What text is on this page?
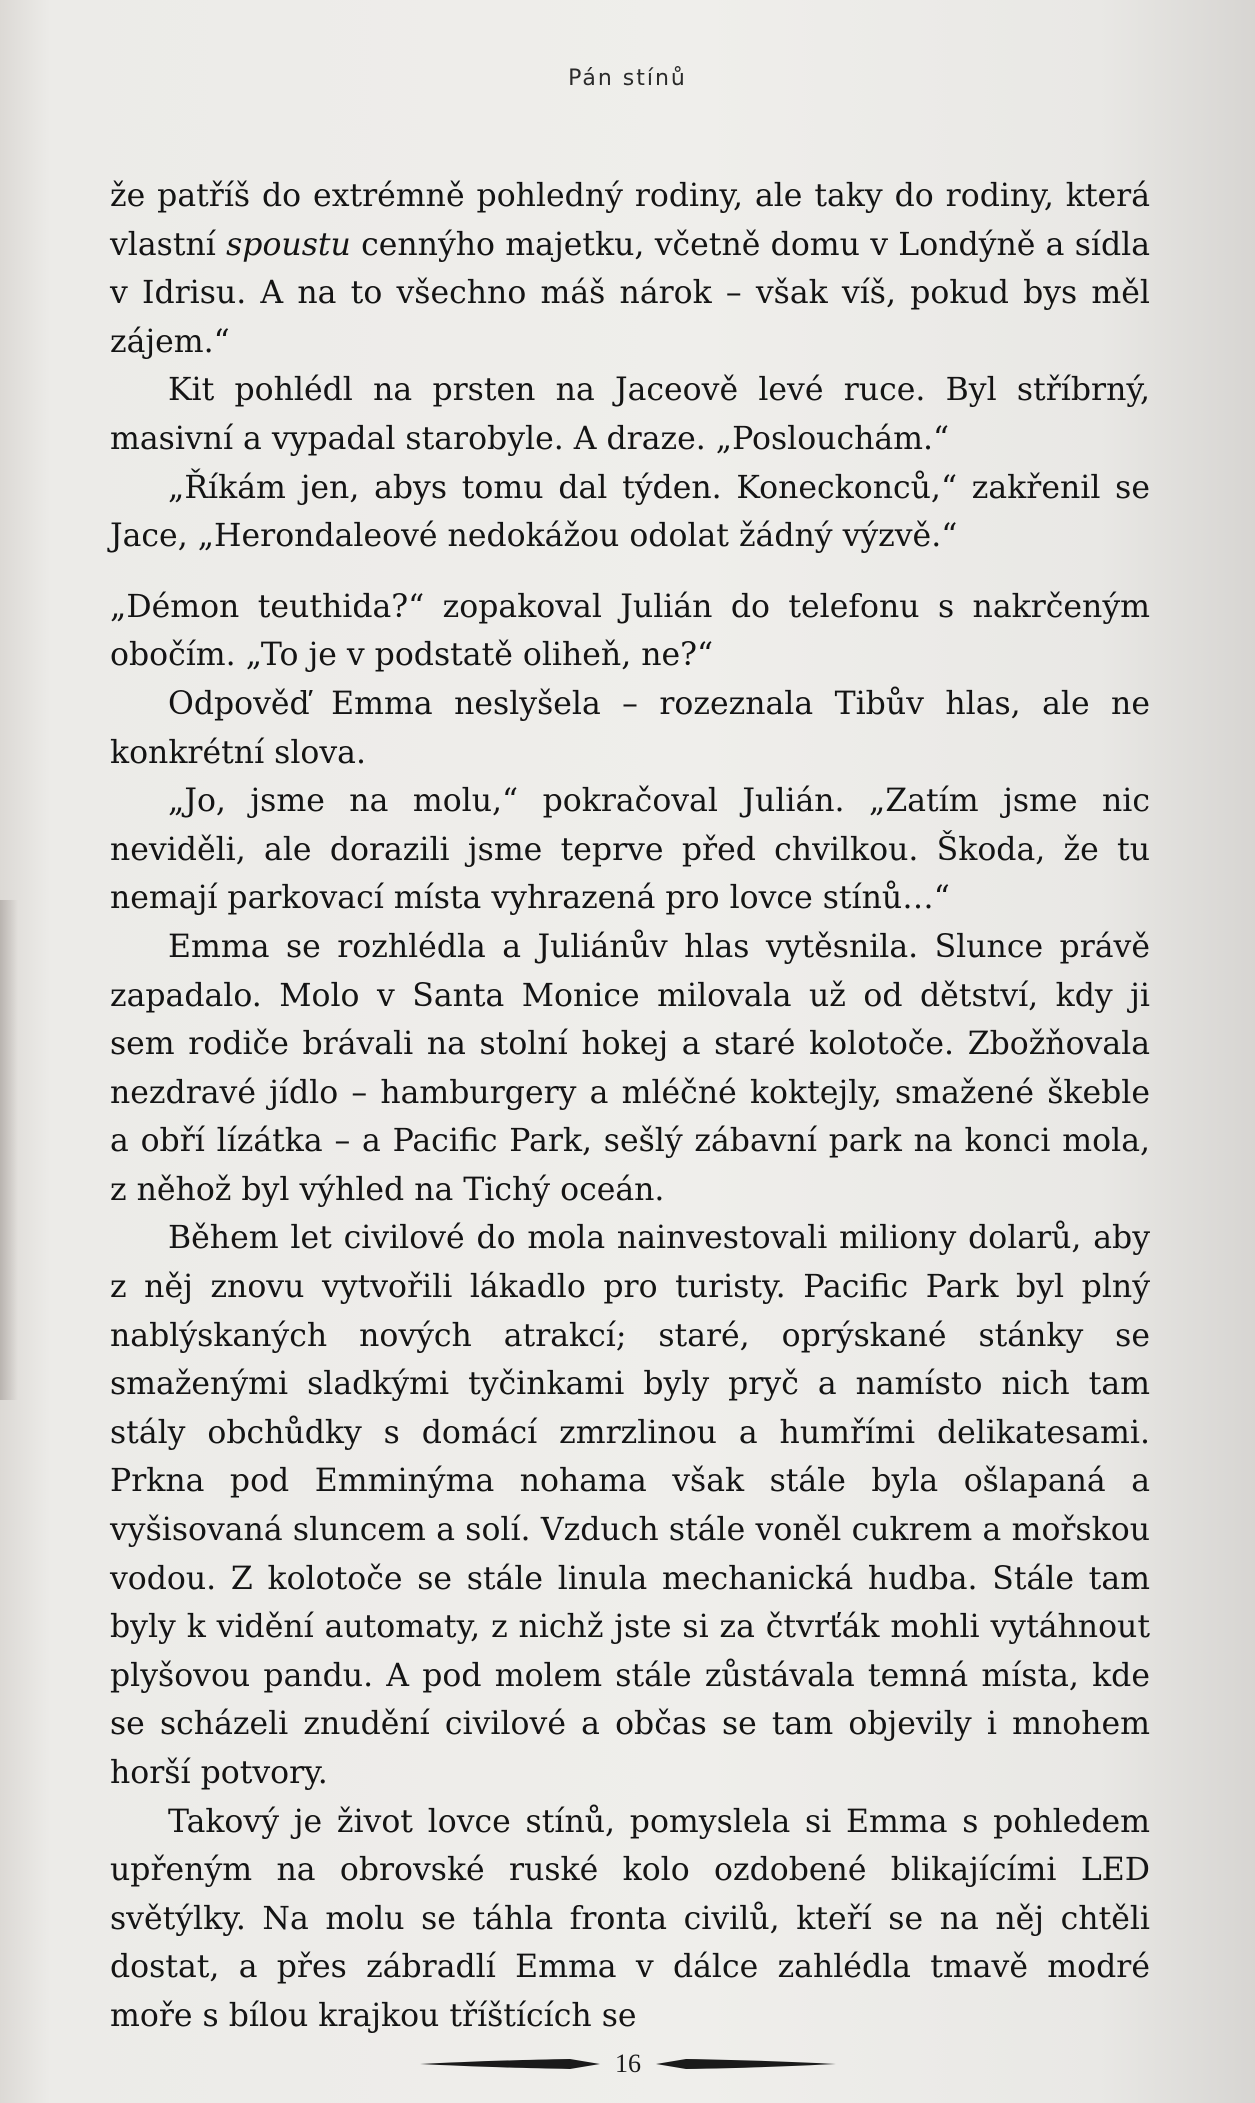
Pán stínů

že patříš do extrémně pohledný rodiny, ale taky do rodiny, která vlastní spoustu cennýho majetku, včetně domu v Londýně a sídla v Idrisu. A na to všechno máš nárok – však víš, pokud bys měl zájem.“

Kit pohlédl na prsten na Jaceově levé ruce. Byl stříbrný, masivní a vypadal starobyle. A draze. „Poslouchám.“

„Říkám jen, abys tomu dal týden. Koneckonců,“ zakřenil se Jace, „Herondaleové nedokážou odolat žádný výzvě.“

„Démon teuthida?“ zopakoval Julián do telefonu s nakrčeným obočím. „To je v podstatě oliheň, ne?“

Odpověď Emma neslyšela – rozeznala Tibův hlas, ale ne konkrétní slova.

„Jo, jsme na molu,“ pokračoval Julián. „Zatím jsme nic neviděli, ale dorazili jsme teprve před chvilkou. Škoda, že tu nemají parkovací místa vyhrazená pro lovce stínů…“

Emma se rozhlédla a Juliánův hlas vytěsnila. Slunce právě zapadalo. Molo v Santa Monice milovala už od dětství, kdy ji sem rodiče brávali na stolní hokej a staré kolotoče. Zbožňovala nezdravé jídlo – hamburgery a mléčné koktejly, smažené škeble a obří lízátka – a Pacific Park, sešlý zábavní park na konci mola, z něhož byl výhled na Tichý oceán.

Během let civilové do mola nainvestovali miliony dolarů, aby z něj znovu vytvořili lákadlo pro turisty. Pacific Park byl plný nablýskaných nových atrakcí; staré, oprýskané stánky se smaženými sladkými tyčinkami byly pryč a namísto nich tam stály obchůdky s domácí zmrzlinou a humřími delikatesami. Prkna pod Emminýma nohama však stále byla ošlapaná a vyšisovaná sluncem a solí. Vzduch stále voněl cukrem a mořskou vodou. Z kolotoče se stále linula mechanická hudba. Stále tam byly k vidění automaty, z nichž jste si za čtvrťák mohli vytáhnout plyšovou pandu. A pod molem stále zůstávala temná místa, kde se scházeli znudění civilové a občas se tam objevily i mnohem horší potvory.

Takový je život lovce stínů, pomyslela si Emma s pohledem upřeným na obrovské ruské kolo ozdobené blikajícími LED světýlky. Na molu se táhla fronta civilů, kteří se na něj chtěli dostat, a přes zábradlí Emma v dálce zahlédla tmavě modré moře s bílou krajkou tříštících se

16
